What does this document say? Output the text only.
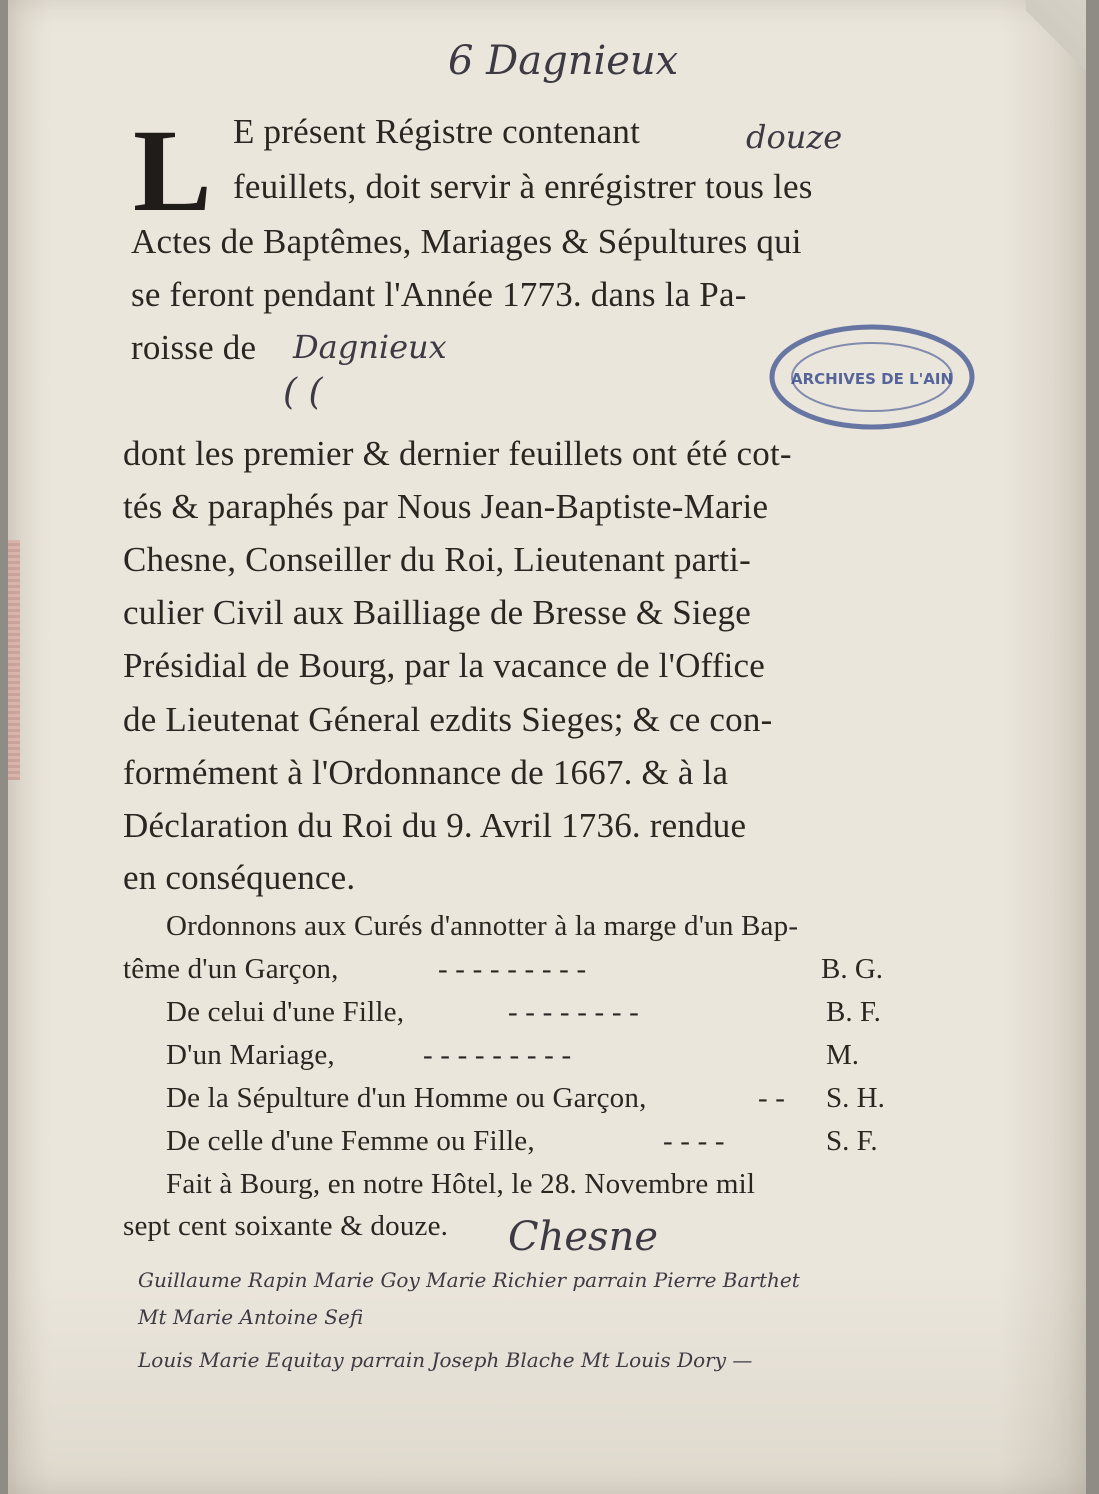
6 Dagnieux
L E présent Régistre contenant	douze
feuillets, doit servir à enrégistrer tous les
Actes de Baptêmes, Mariages & Sépultures qui
se feront pendant l'Année 1773. dans la Pa-
roisse de Dagnieux
( (	ARCHIVES DE L'AIN
dont les premier & dernier feuillets ont été cot-
tés & paraphés par Nous Jean-Baptiste-Marie
Chesne, Conseiller du Roi, Lieutenant parti-
culier Civil aux Bailliage de Bresse & Siege
Présidial de Bourg, par la vacance de l'Office
de Lieutenat Géneral ezdits Sieges; & ce con-
formément à l'Ordonnance de 1667. & à la
Déclaration du Roi du 9. Avril 1736. rendue
en conséquence.
Ordonnons aux Curés d'annotter à la marge d'un Bap-
tême d'un Garçon,	- - - - - - - - -	B. G.
De celui d'une Fille,	- - - - - - - -	B. F.
D'un Mariage,	- - - - - - - - -	M.
De la Sépulture d'un Homme ou Garçon,	- - S. H.
De celle d'une Femme ou Fille,	- - - -	S. F.
Fait à Bourg, en notre Hôtel, le 28. Novembre mil
sept cent soixante & douze. Chesne
Guillaume Rapin Marie Goy Marie Richier parrain Pierre Barthet
Mt Marie Antoine Sefi
Louis Marie Equitay parrain Joseph Blache Mt Louis Dory —
